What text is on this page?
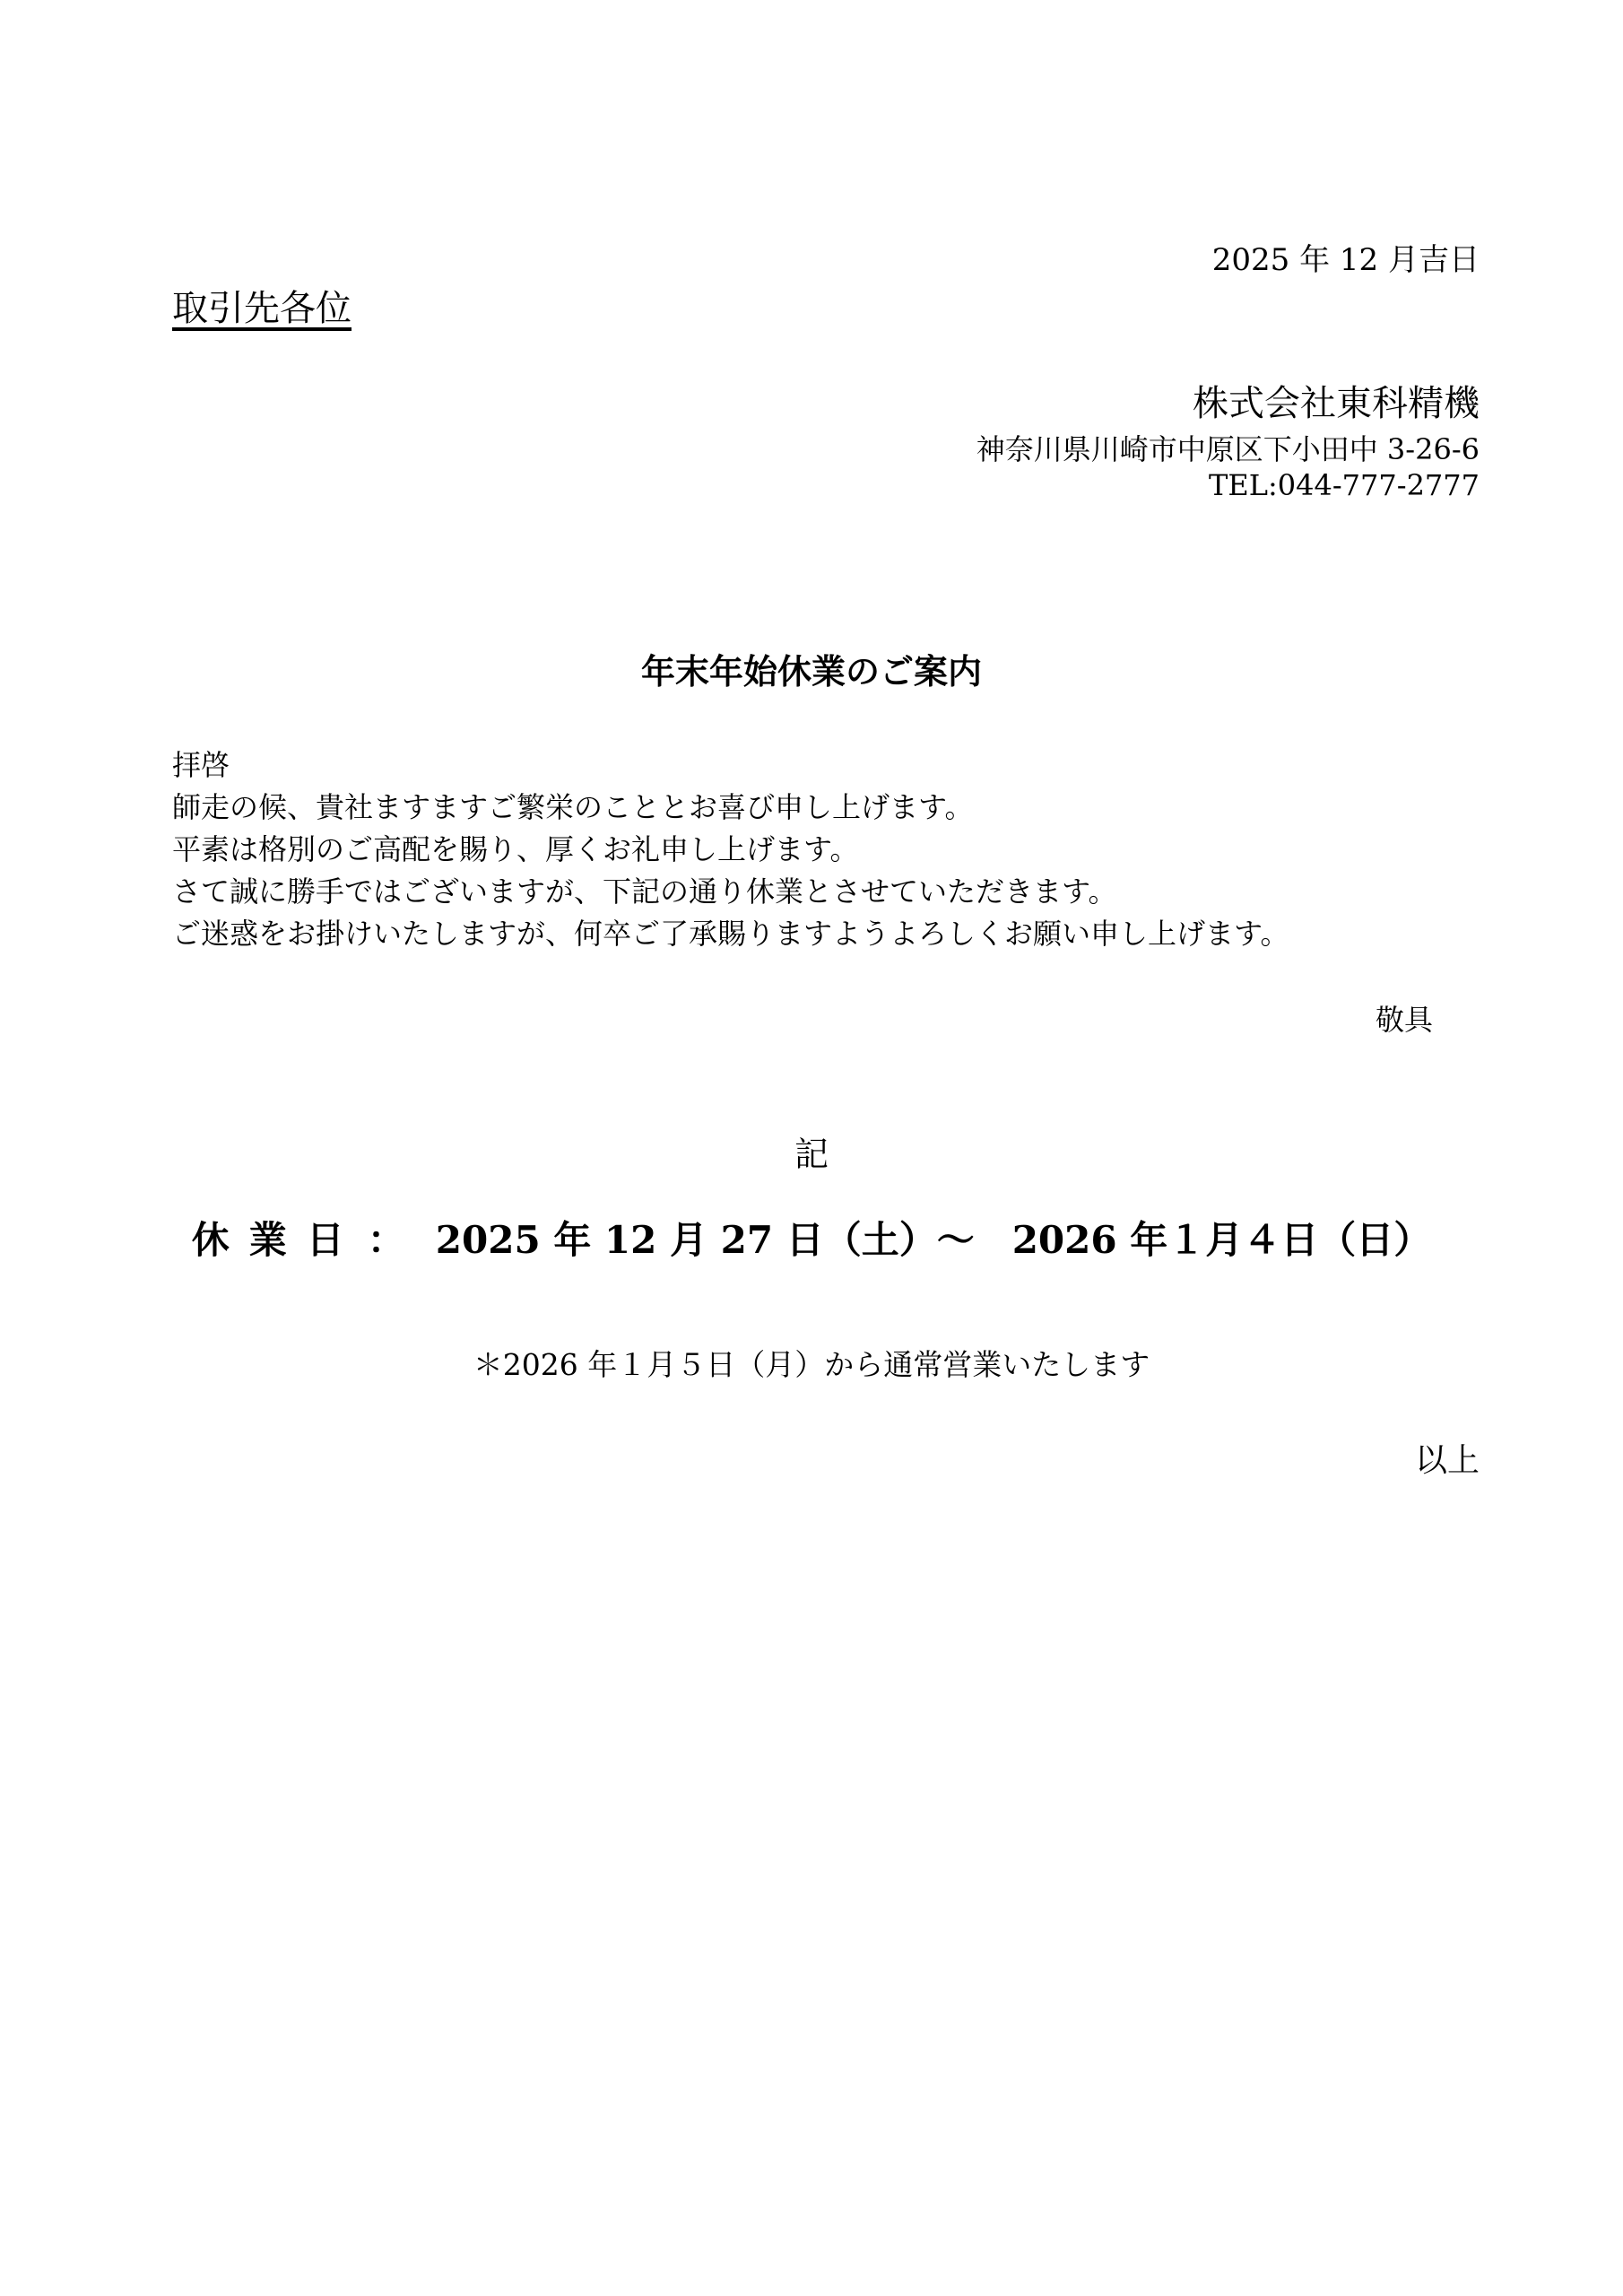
2025 年 12 月吉日
取引先各位
株式会社東科精機
神奈川県川崎市中原区下小田中 3-26-6
TEL:044-777-2777
年末年始休業のご案内
拝啓
師走の候、貴社ますますご繁栄のこととお喜び申し上げます。
平素は格別のご高配を賜り、厚くお礼申し上げます。
さて誠に勝手ではございますが、下記の通り休業とさせていただきます。
ご迷惑をお掛けいたしますが、何卒ご了承賜りますようよろしくお願い申し上げます。
敬具
記
休業日： 2025 年 12 月 27 日（土）～　2026 年１月４日（日）
＊2026 年１月５日（月）から通常営業いたします
以上
